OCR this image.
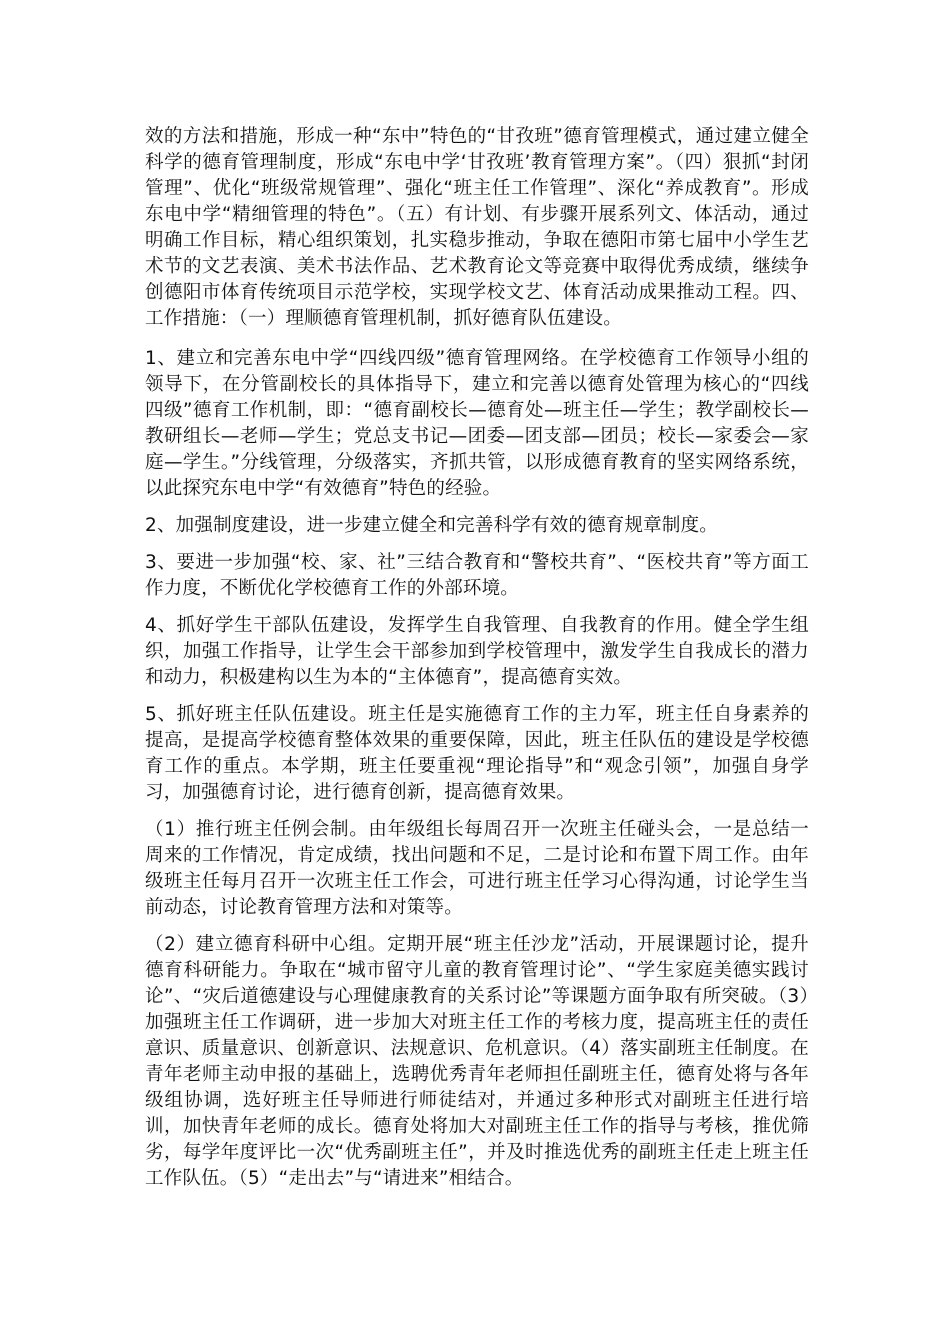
效的方法和措施，形成一种“东中”特色的“甘孜班”德育管理模式，通过建立健全科学的德育管理制度，形成“东电中学‘甘孜班’教育管理方案”。（四）狠抓“封闭管理”、优化“班级常规管理”、强化“班主任工作管理”、深化“养成教育”。形成东电中学“精细管理的特色”。（五）有计划、有步骤开展系列文、体活动，通过明确工作目标，精心组织策划，扎实稳步推动，争取在德阳市第七届中小学生艺术节的文艺表演、美术书法作品、艺术教育论文等竞赛中取得优秀成绩，继续争创德阳市体育传统项目示范学校，实现学校文艺、体育活动成果推动工程。四、工作措施：（一）理顺德育管理机制，抓好德育队伍建设。

1、建立和完善东电中学“四线四级”德育管理网络。在学校德育工作领导小组的领导下，在分管副校长的具体指导下，建立和完善以德育处管理为核心的“四线四级”德育工作机制，即：“德育副校长—德育处—班主任—学生；教学副校长—教研组长—老师—学生；党总支书记—团委—团支部—团员；校长—家委会—家庭—学生。”分线管理，分级落实，齐抓共管，以形成德育教育的坚实网络系统，以此探究东电中学“有效德育”特色的经验。

2、加强制度建设，进一步建立健全和完善科学有效的德育规章制度。

3、要进一步加强“校、家、社”三结合教育和“警校共育”、“医校共育”等方面工作力度，不断优化学校德育工作的外部环境。

4、抓好学生干部队伍建设，发挥学生自我管理、自我教育的作用。健全学生组织，加强工作指导，让学生会干部参加到学校管理中，激发学生自我成长的潜力和动力，积极建构以生为本的“主体德育”，提高德育实效。

5、抓好班主任队伍建设。班主任是实施德育工作的主力军，班主任自身素养的提高，是提高学校德育整体效果的重要保障，因此，班主任队伍的建设是学校德育工作的重点。本学期，班主任要重视“理论指导”和“观念引领”，加强自身学习，加强德育讨论，进行德育创新，提高德育效果。

（1）推行班主任例会制。由年级组长每周召开一次班主任碰头会，一是总结一周来的工作情况，肯定成绩，找出问题和不足，二是讨论和布置下周工作。由年级班主任每月召开一次班主任工作会，可进行班主任学习心得沟通，讨论学生当前动态，讨论教育管理方法和对策等。

（2）建立德育科研中心组。定期开展“班主任沙龙”活动，开展课题讨论，提升德育科研能力。争取在“城市留守儿童的教育管理讨论”、“学生家庭美德实践讨论”、“灾后道德建设与心理健康教育的关系讨论”等课题方面争取有所突破。（3）加强班主任工作调研，进一步加大对班主任工作的考核力度，提高班主任的责任意识、质量意识、创新意识、法规意识、危机意识。（4）落实副班主任制度。在青年老师主动申报的基础上，选聘优秀青年老师担任副班主任，德育处将与各年级组协调，选好班主任导师进行师徒结对，并通过多种形式对副班主任进行培训，加快青年老师的成长。德育处将加大对副班主任工作的指导与考核，推优筛劣，每学年度评比一次“优秀副班主任”，并及时推选优秀的副班主任走上班主任工作队伍。（5）“走出去”与“请进来”相结合。
